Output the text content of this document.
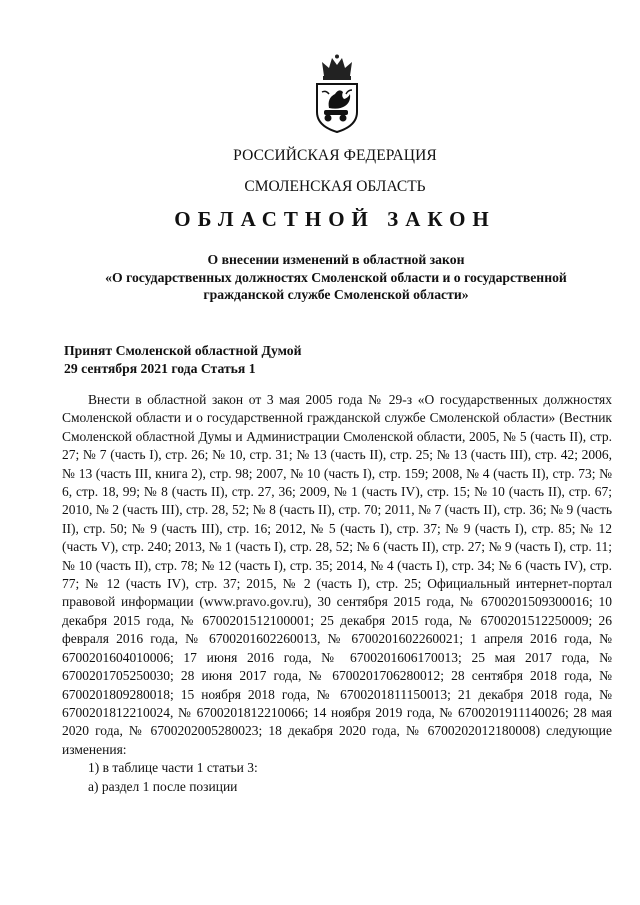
РОССИЙСКАЯ ФЕДЕРАЦИЯ
СМОЛЕНСКАЯ ОБЛАСТЬ
ОБЛАСТНОЙ ЗАКОН
О внесении изменений в областной закон
«О государственных должностях Смоленской области и о государственной
гражданской службе Смоленской области»
Принят Смоленской областной Думой
29 сентября 2021 года Статья 1

Внести в областной закон от 3 мая 2005 года № 29-з «О государственных должностях Смоленской области и о государственной гражданской службе Смоленской области» (Вестник Смоленской областной Думы и Администрации Смоленской области, 2005, № 5 (часть II), стр. 27; № 7 (часть I), стр. 26; № 10, стр. 31; № 13 (часть II), стр. 25; № 13 (часть III), стр. 42; 2006, № 13 (часть III, книга 2), стр. 98; 2007, № 10 (часть I), стр. 159; 2008, № 4 (часть II), стр. 73; № 6, стр. 18, 99; № 8 (часть II), стр. 27, 36; 2009, № 1 (часть IV), стр. 15; № 10 (часть II), стр. 67; 2010, № 2 (часть III), стр. 28, 52; № 8 (часть II), стр. 70; 2011, № 7 (часть II), стр. 36; № 9 (часть II), стр. 50; № 9 (часть III), стр. 16; 2012, № 5 (часть I), стр. 37; № 9 (часть I), стр. 85; № 12 (часть V), стр. 240; 2013, № 1 (часть I), стр. 28, 52; № 6 (часть II), стр. 27; № 9 (часть I), стр. 11; № 10 (часть II), стр. 78; № 12 (часть I), стр. 35; 2014, № 4 (часть I), стр. 34; № 6 (часть IV), стр. 77; № 12 (часть IV), стр. 37; 2015, № 2 (часть I), стр. 25; Официальный интернет-портал правовой информации (www.pravo.gov.ru), 30 сентября 2015 года, № 6700201509300016; 10 декабря 2015 года, № 6700201512100001; 25 декабря 2015 года, № 6700201512250009; 26 февраля 2016 года, № 6700201602260013, № 6700201602260021; 1 апреля 2016 года, № 6700201604010006; 17 июня 2016 года, № 6700201606170013; 25 мая 2017 года, № 6700201705250030; 28 июня 2017 года, № 6700201706280012; 28 сентября 2018 года, № 6700201809280018; 15 ноября 2018 года, № 6700201811150013; 21 декабря 2018 года, № 6700201812210024, № 6700201812210066; 14 ноября 2019 года, № 6700201911140026; 28 мая 2020 года, № 6700202005280023; 18 декабря 2020 года, № 6700202012180008) следующие изменения:

1) в таблице части 1 статьи 3:

а) раздел 1 после позиции
